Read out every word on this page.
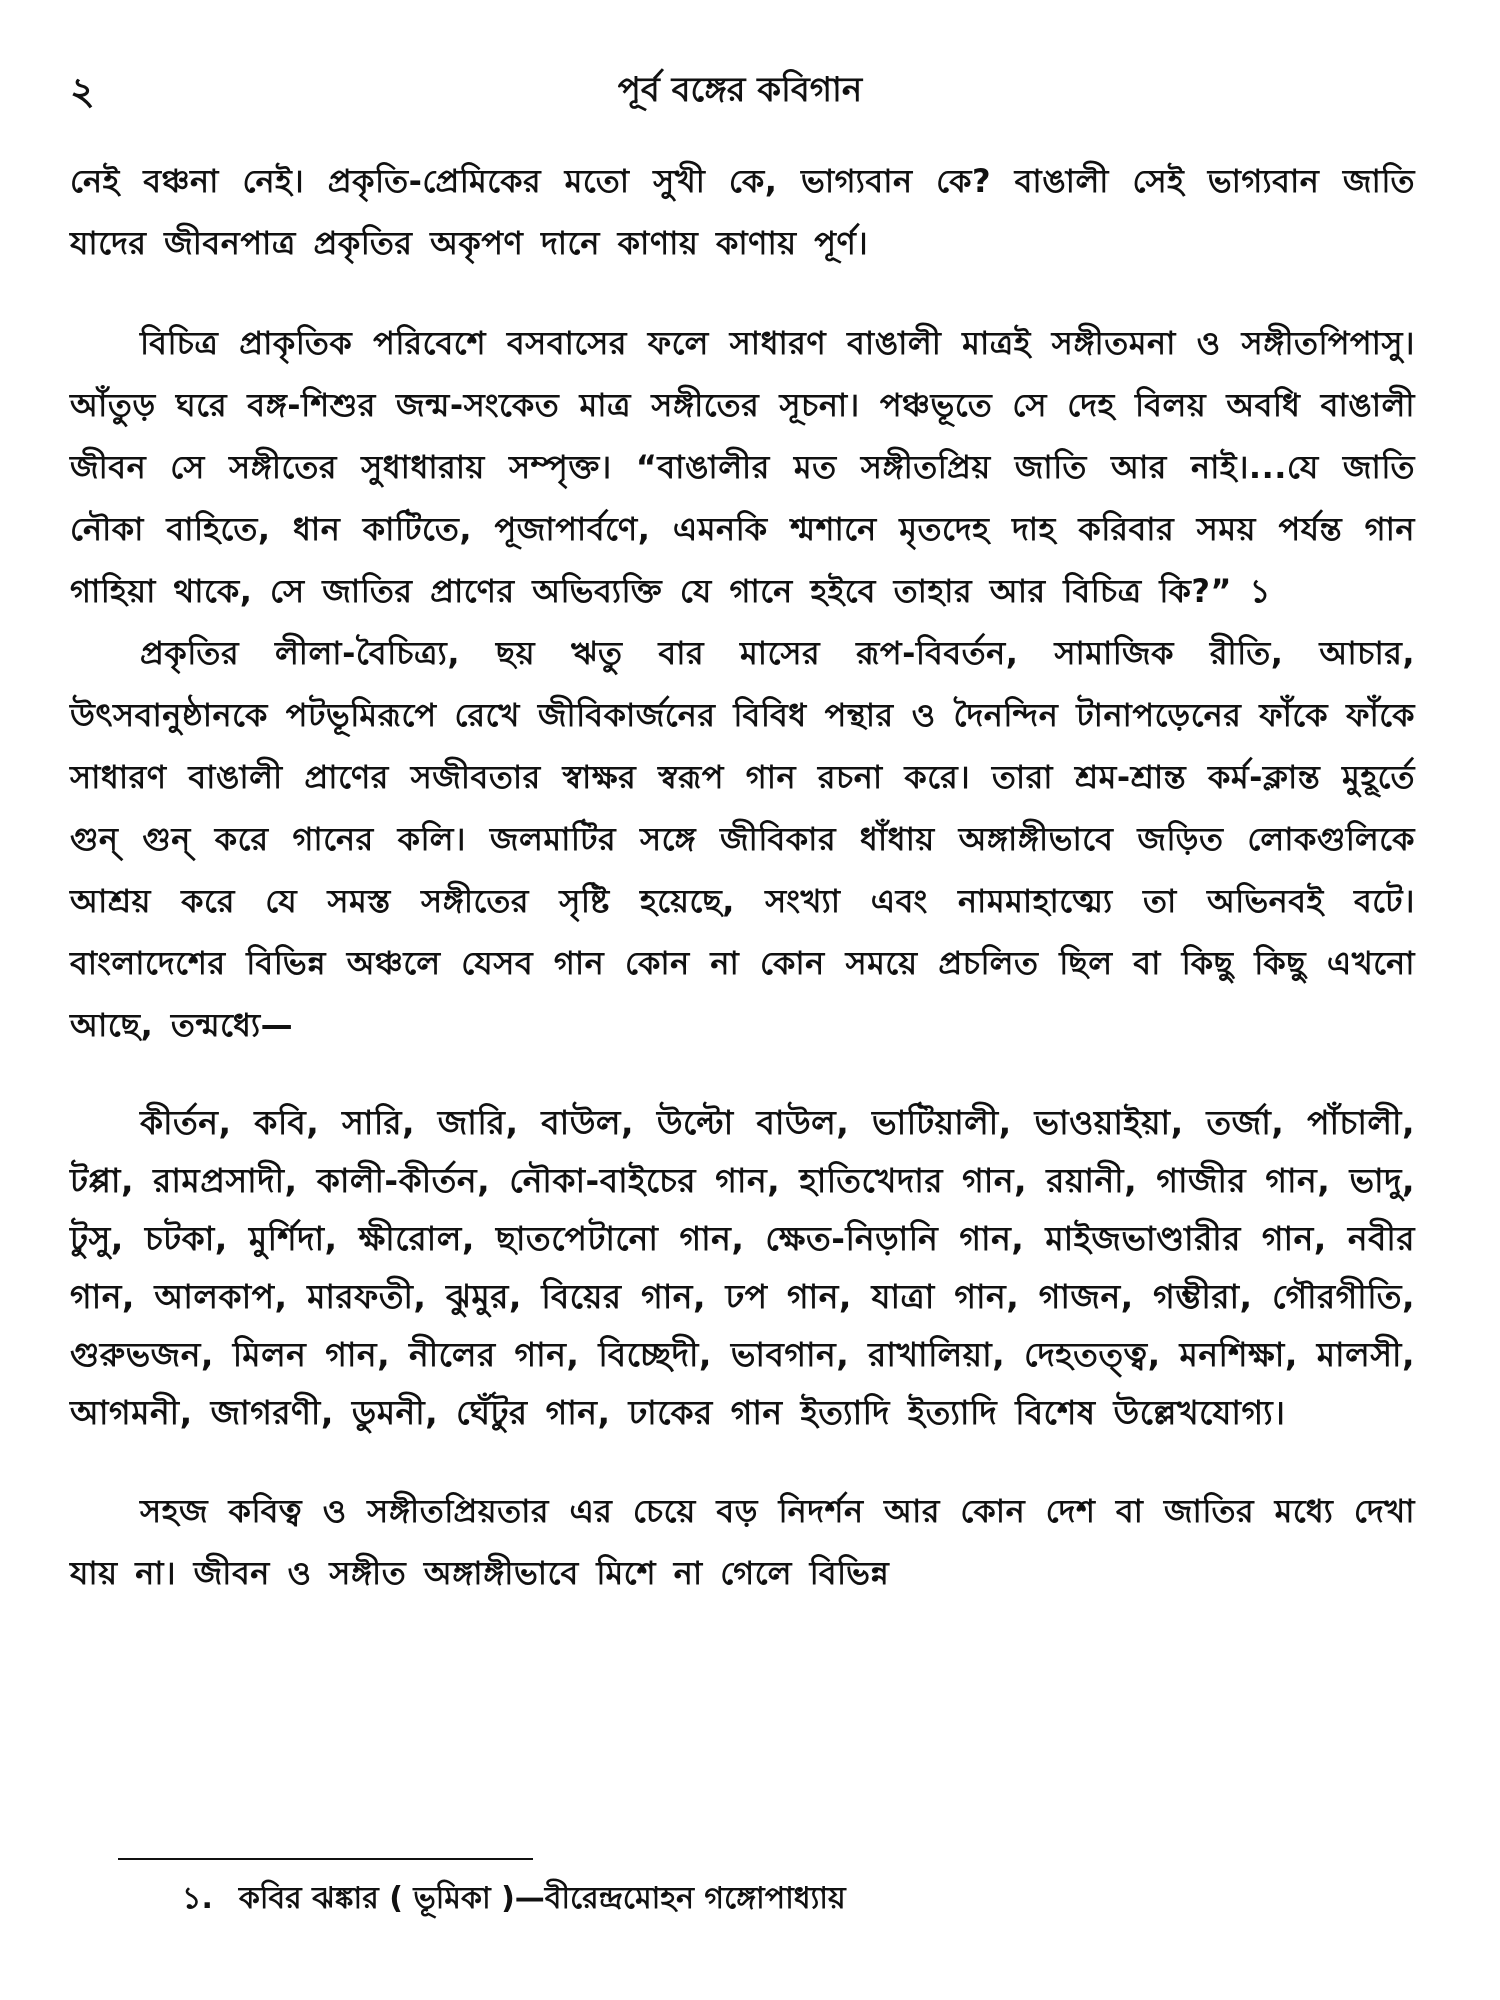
২	পূর্ব বঙ্গের কবিগান

নেই বঞ্চনা নেই। প্রকৃতি-প্রেমিকের মতো সুখী কে, ভাগ্যবান কে? বাঙালী সেই ভাগ্যবান জাতি যাদের জীবনপাত্র প্রকৃতির অকৃপণ দানে কাণায় কাণায় পূর্ণ।

বিচিত্র প্রাকৃতিক পরিবেশে বসবাসের ফলে সাধারণ বাঙালী মাত্রই সঙ্গীতমনা ও সঙ্গীতপিপাসু। আঁতুড় ঘরে বঙ্গ-শিশুর জন্ম-সংকেত মাত্র সঙ্গীতের সূচনা। পঞ্চভূতে সে দেহ বিলয় অবধি বাঙালী জীবন সে সঙ্গীতের সুধাধারায় সম্পৃক্ত। “বাঙালীর মত সঙ্গীতপ্রিয় জাতি আর নাই।...যে জাতি নৌকা বাহিতে, ধান কাটিতে, পূজাপার্বণে, এমনকি শ্মশানে মৃতদেহ দাহ করিবার সময় পর্যন্ত গান গাহিয়া থাকে, সে জাতির প্রাণের অভিব্যক্তি যে গানে হইবে তাহার আর বিচিত্র কি?” ১

প্রকৃতির লীলা-বৈচিত্র্য, ছয় ঋতু বার মাসের রূপ-বিবর্তন, সামাজিক রীতি, আচার, উৎসবানুষ্ঠানকে পটভূমিরূপে রেখে জীবিকার্জনের বিবিধ পন্থার ও দৈনন্দিন টানাপড়েনের ফাঁকে ফাঁকে সাধারণ বাঙালী প্রাণের সজীবতার স্বাক্ষর স্বরূপ গান রচনা করে। তারা শ্রম-শ্রান্ত কর্ম-ক্লান্ত মুহূর্তে গুন্ গুন্ করে গানের কলি। জলমাটির সঙ্গে জীবিকার ধাঁধায় অঙ্গাঙ্গীভাবে জড়িত লোকগুলিকে আশ্রয় করে যে সমস্ত সঙ্গীতের সৃষ্টি হয়েছে, সংখ্যা এবং নামমাহাত্ম্যে তা অভিনবই বটে। বাংলাদেশের বিভিন্ন অঞ্চলে যেসব গান কোন না কোন সময়ে প্রচলিত ছিল বা কিছু কিছু এখনো আছে, তন্মধ্যে—

কীর্তন, কবি, সারি, জারি, বাউল, উল্টো বাউল, ভাটিয়ালী, ভাওয়াইয়া, তর্জা, পাঁচালী, টপ্পা, রামপ্রসাদী, কালী-কীর্তন, নৌকা-বাইচের গান, হাতিখেদার গান, রয়ানী, গাজীর গান, ভাদু, টুসু, চটকা, মুর্শিদা, ক্ষীরোল, ছাতপেটানো গান, ক্ষেত-নিড়ানি গান, মাইজভাণ্ডারীর গান, নবীর গান, আলকাপ, মারফতী, ঝুমুর, বিয়ের গান, ঢপ গান, যাত্রা গান, গাজন, গম্ভীরা, গৌরগীতি, গুরুভজন, মিলন গান, নীলের গান, বিচ্ছেদী, ভাবগান, রাখালিয়া, দেহতত্ত্ব, মনশিক্ষা, মালসী, আগমনী, জাগরণী, ডুমনী, ঘেঁটুর গান, ঢাকের গান ইত্যাদি ইত্যাদি বিশেষ উল্লেখযোগ্য।

সহজ কবিত্ব ও সঙ্গীতপ্রিয়তার এর চেয়ে বড় নিদর্শন আর কোন দেশ বা জাতির মধ্যে দেখা যায় না। জীবন ও সঙ্গীত অঙ্গাঙ্গীভাবে মিশে না গেলে বিভিন্ন

১. কবির ঝঙ্কার ( ভূমিকা )—বীরেন্দ্রমোহন গঙ্গোপাধ্যায়
